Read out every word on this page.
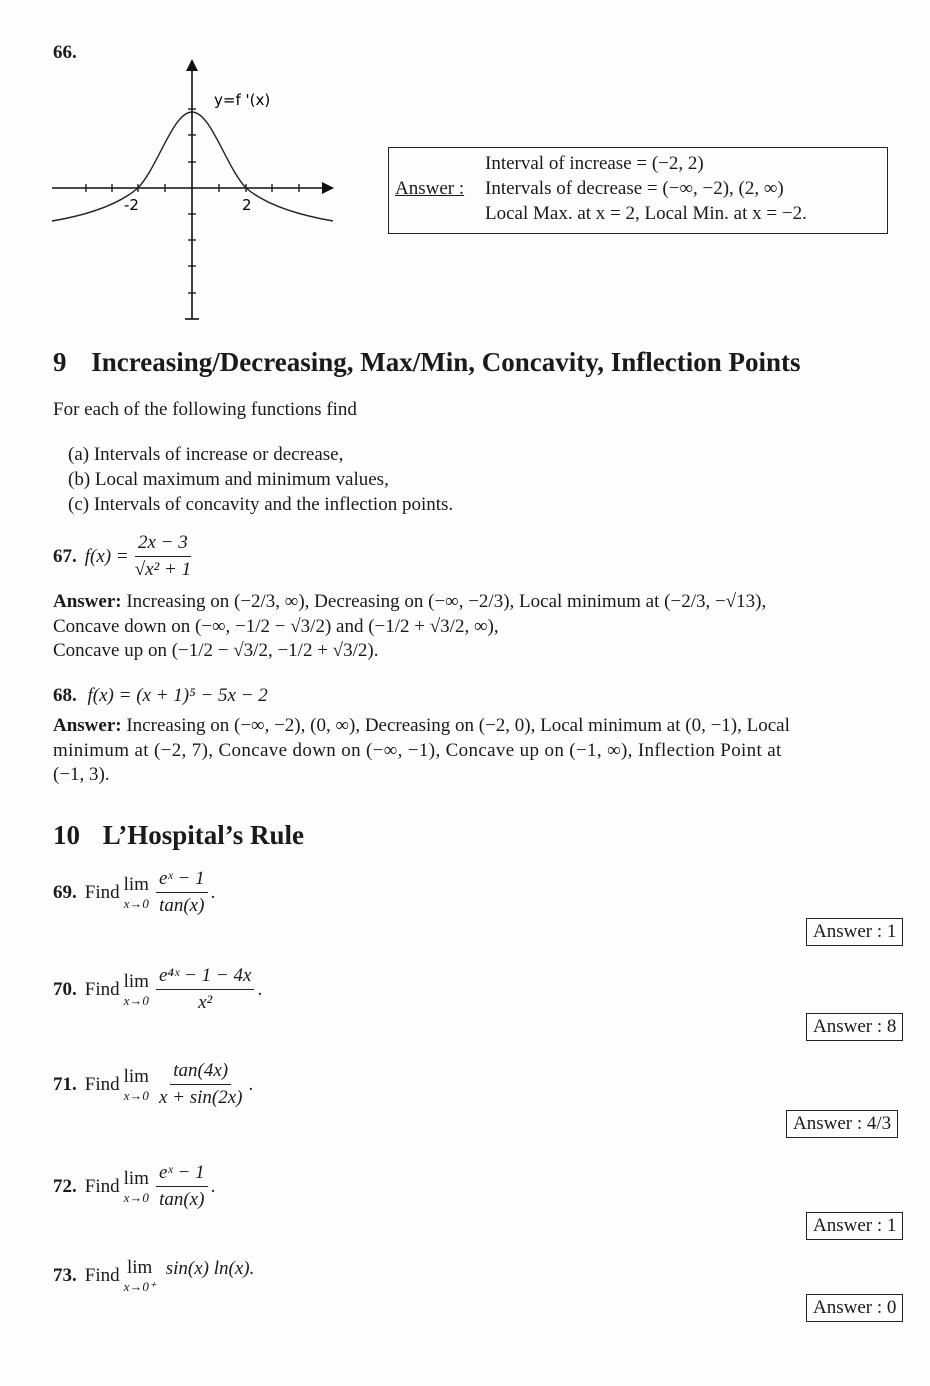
66.
y=f '(x)
-2	2
Answer :
Interval of increase = (−2, 2)
Intervals of decrease = (−∞, −2), (2, ∞)
Local Max. at x = 2, Local Min. at x = −2.
9 Increasing/Decreasing, Max/Min, Concavity, Inflection Points
For each of the following functions find
(a) Intervals of increase or decrease,
(b) Local maximum and minimum values,
(c) Intervals of concavity and the inflection points.
67. $f(x) = \frac{2x - 3}{\text{√x² + 1}}$
Answer: Increasing on (−2/3, ∞), Decreasing on (−∞, −2/3), Local minimum at (−2/3, −√13),
Concave down on (−∞, −1/2 − √3/2) and (−1/2 + √3/2, ∞),
Concave up on (−1/2 − √3/2, −1/2 + √3/2).
68. f(x) = (x + 1)⁵ − 5x − 2
Answer: Increasing on (−∞, −2), (0, ∞), Decreasing on (−2, 0), Local minimum at (0, −1), Local
minimum at (−2, 7), Concave down on (−∞, −1), Concave up on (−1, ∞), Inflection Point at
(−1, 3).
10 L’Hospital’s Rule
69. Find lim
$x\to 0 \frac{\text{eˣ − 1}}{\tan(x)}$ .
Answer : 1
70. Find lim
$x\to 0 \frac{\text{e⁴ˣ − 1 − 4x}}{\text{x²}}$ .
Answer : 8
71. Find lim
$x\to 0 \frac{\tan(4x)}{x + \sin(2x)}$ .
Answer : 4/3
72. Find lim
$x\to 0 \frac{\text{eˣ − 1}}{\tan(x)}$ .
Answer : 1
73. Find lim
x→0⁺
sin(x) ln(x).
Answer : 0
